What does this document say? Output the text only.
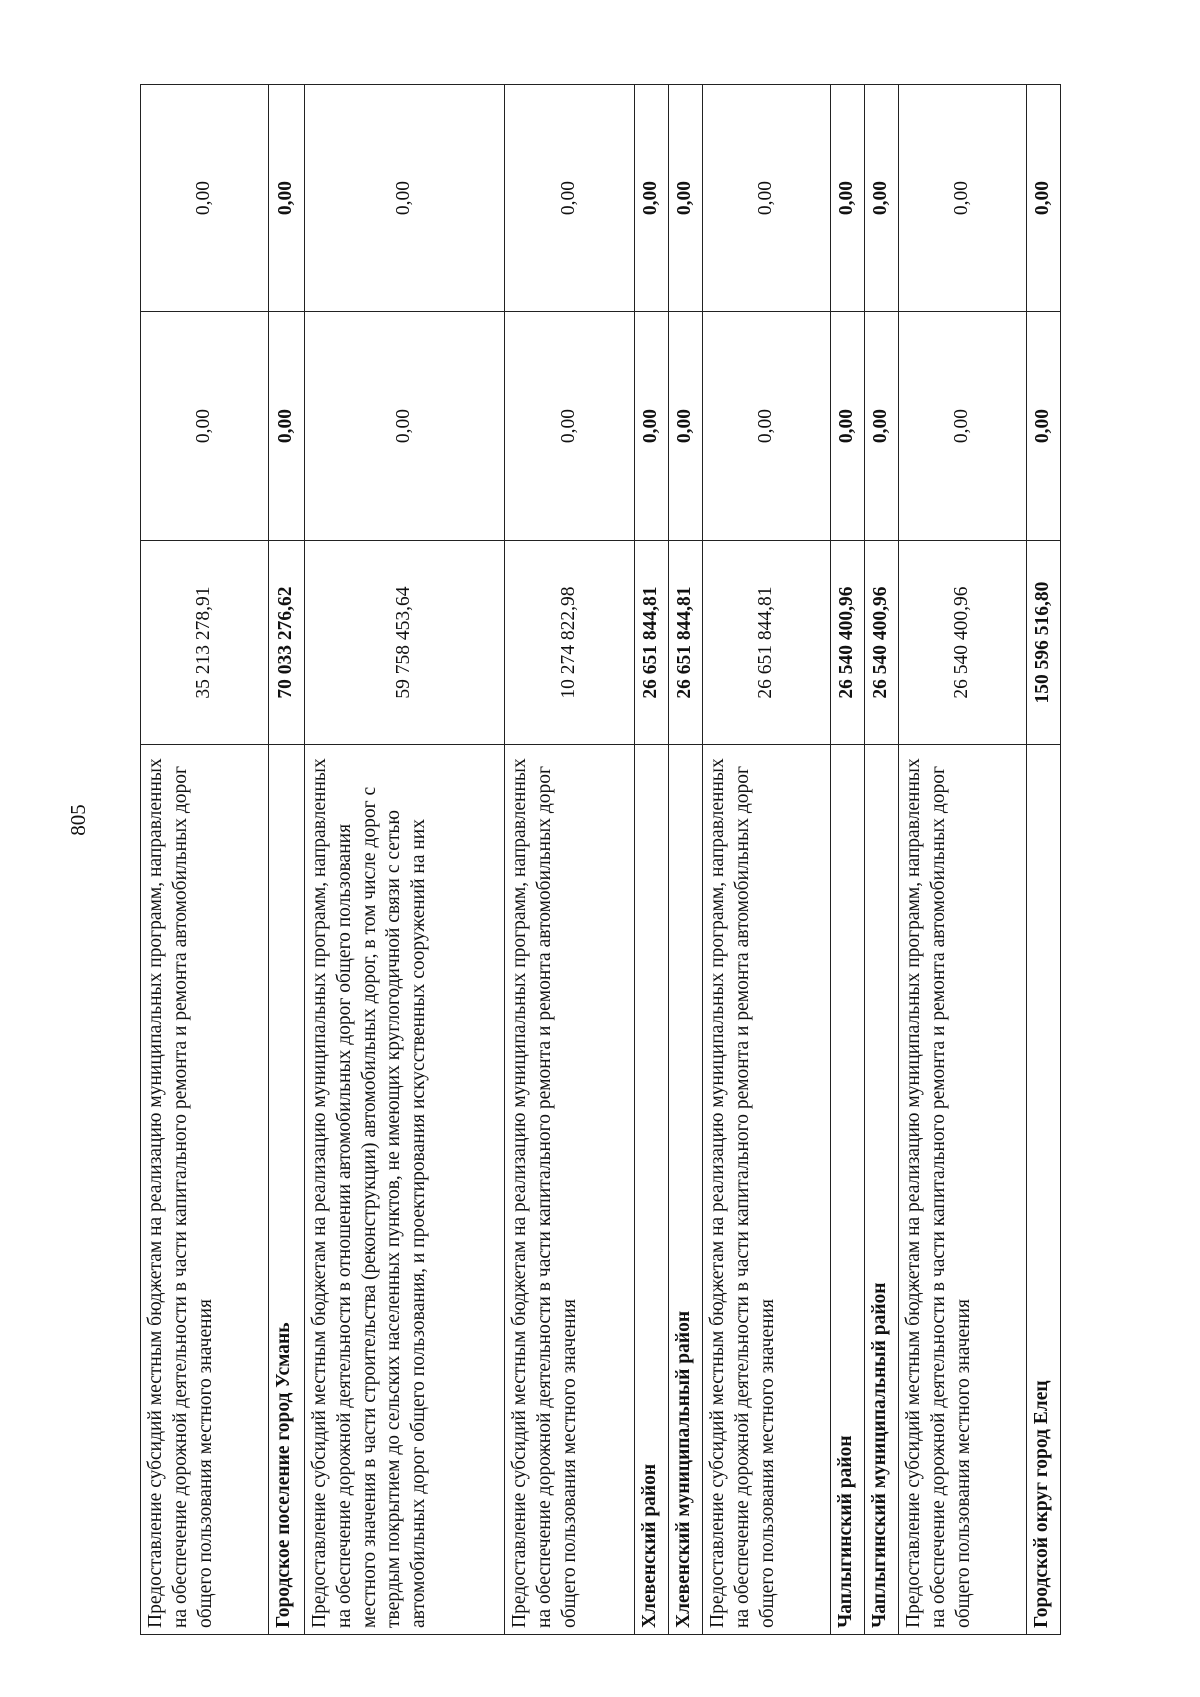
805	Предоставление субсидий местным бюджетам на реализацию муниципальных программ, направленных на обеспечение дорожной деятельности в части капитального ремонта и ремонта автомобильных дорог общего пользования местного значения	35 213 278,91	0,00	0,00
Городское поселение город Усмань	70 033 276,62	0,00	0,00
Предоставление субсидий местным бюджетам на реализацию муниципальных программ, направленных на обеспечение дорожной деятельности в отношении автомобильных дорог общего пользования местного значения в части строительства (реконструкции) автомобильных дорог, в том числе дорог с твердым покрытием до сельских населенных пунктов, не имеющих круглогодичной связи с сетью автомобильных дорог общего пользования, и проектирования искусственных сооружений на них	59 758 453,64	0,00	0,00
Предоставление субсидий местным бюджетам на реализацию муниципальных программ, направленных на обеспечение дорожной деятельности в части капитального ремонта и ремонта автомобильных дорог общего пользования местного значения	10 274 822,98	0,00	0,00
Хлевенский район	26 651 844,81	0,00	0,00
Хлевенский муниципальный район	26 651 844,81	0,00	0,00
Предоставление субсидий местным бюджетам на реализацию муниципальных программ, направленных на обеспечение дорожной деятельности в части капитального ремонта и ремонта автомобильных дорог общего пользования местного значения	26 651 844,81	0,00	0,00
Чаплыгинский район	26 540 400,96	0,00	0,00
Чаплыгинский муниципальный район	26 540 400,96	0,00	0,00
Предоставление субсидий местным бюджетам на реализацию муниципальных программ, направленных на обеспечение дорожной деятельности в части капитального ремонта и ремонта автомобильных дорог общего пользования местного значения	26 540 400,96	0,00	0,00
Городской округ город Елец	150 596 516,80	0,00	0,00
